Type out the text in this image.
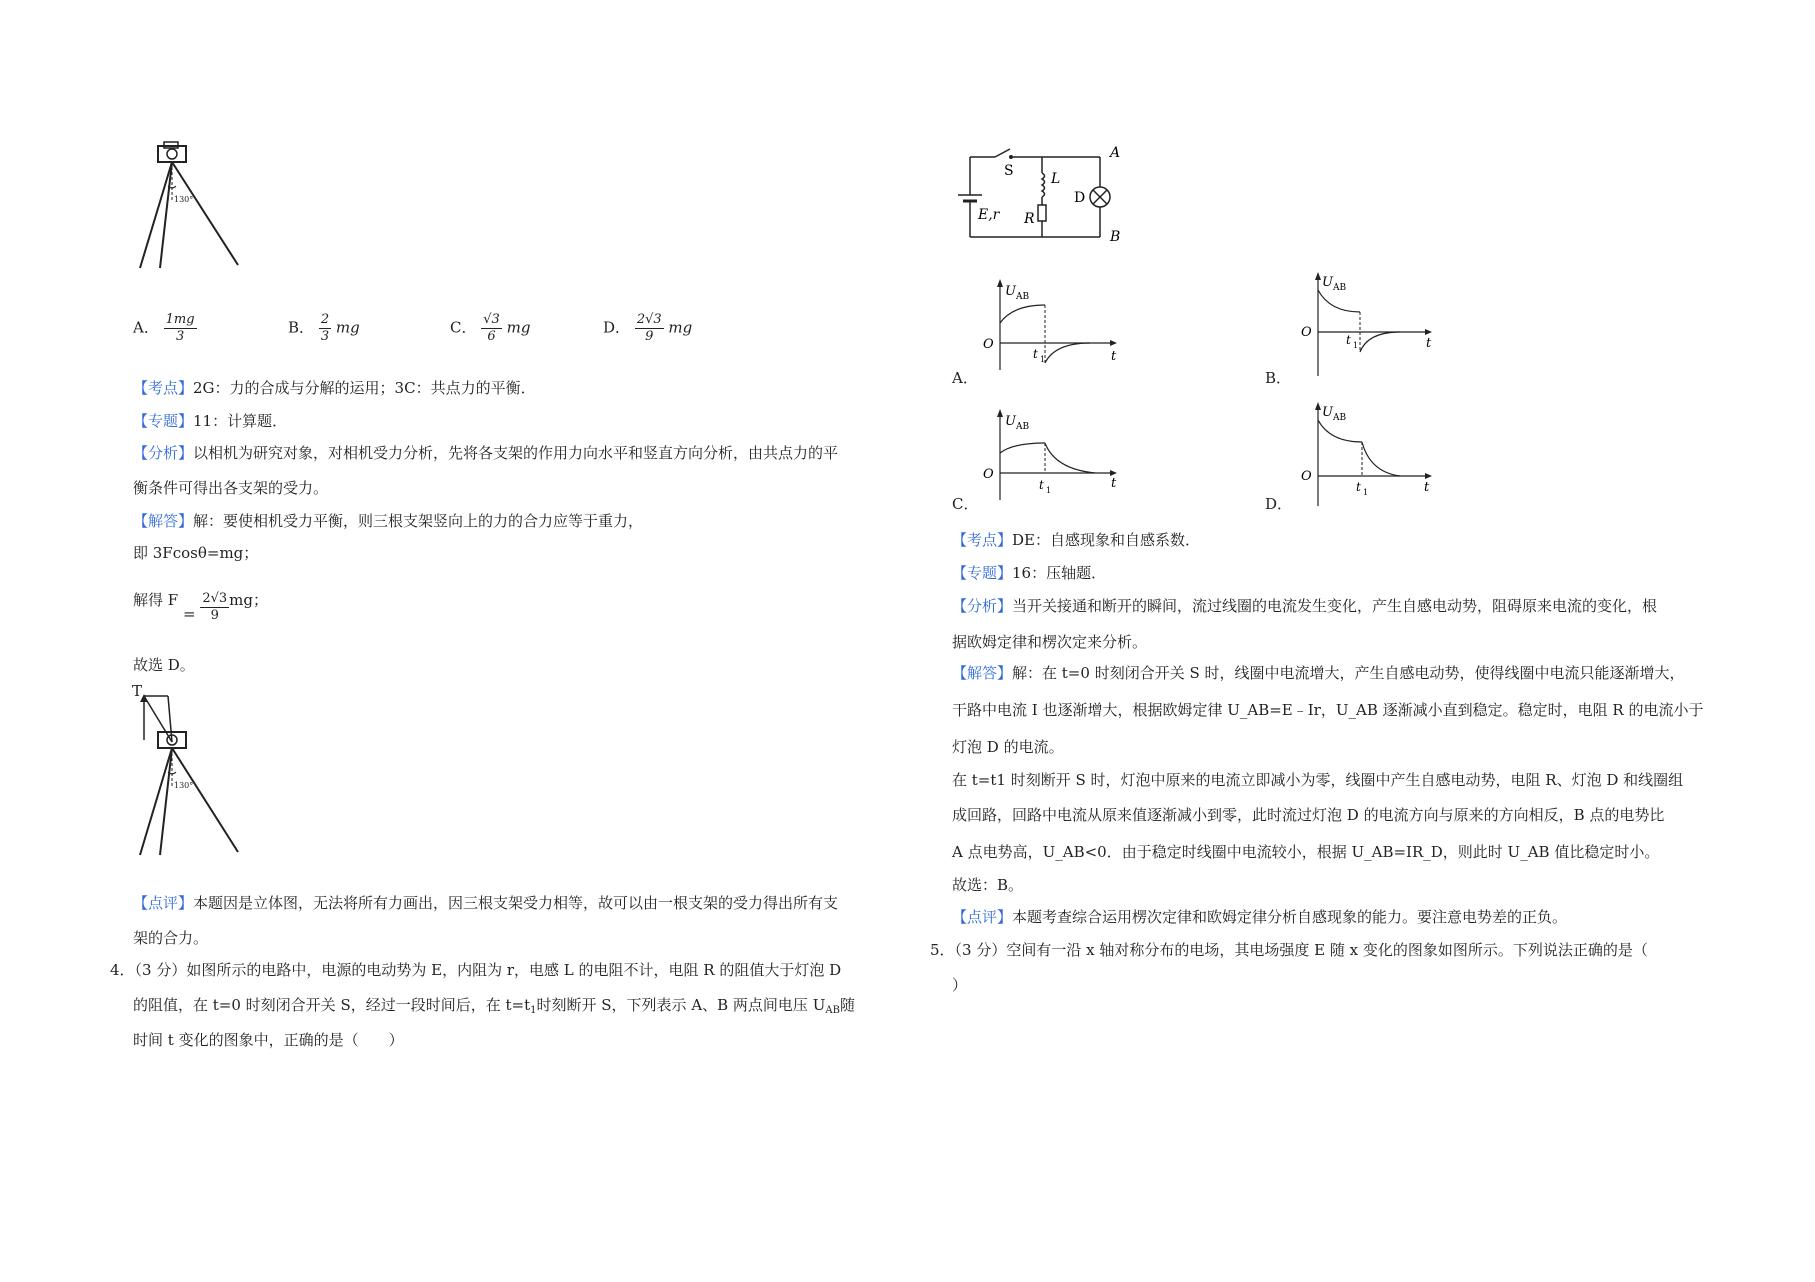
130°
A． $\frac{1mg}{3}$	B． $\frac{2}{3}$ mg	C． $\frac{√3}{6}$ mg	D． $\frac{2√3}{9}$ mg
【考点】2G：力的合成与分解的运用；3C：共点力的平衡．
【专题】11：计算题．
【分析】以相机为研究对象，对相机受力分析，先将各支架的作用力向水平和竖直方向分析，由共点力的平
衡条件可得出各支架的受力。
【解答】解：要使相机受力平衡，则三根支架竖向上的力的合力应等于重力，
即 3Fcosθ=mg；
解得 $F = \frac{2√3}{9}$ mg；
故选 D。
T
130°
【点评】本题因是立体图，无法将所有力画出，因三根支架受力相等，故可以由一根支架的受力得出所有支
架的合力。
4．（3 分）如图所示的电路中，电源的电动势为 E，内阻为 r，电感 L 的电阻不计，电阻 R 的阻值大于灯泡 D
的阻值，在 t=0 时刻闭合开关 S，经过一段时间后，在 $t=t_1$时刻断开 S，下列表示 A、B 两点间电压 $U_{AB}$随
时间 t 变化的图象中，正确的是（　　）
S	L
R
D
E,r
A
B
U AB
O
t
t 1
A．
U AB
O
t
t 1
B．
U AB
O
t
t 1
C．
U AB
O
t
t 1
D．
【考点】DE：自感现象和自感系数．
【专题】16：压轴题．
【分析】当开关接通和断开的瞬间，流过线圈的电流发生变化，产生自感电动势，阻碍原来电流的变化，根
据欧姆定律和楞次定来分析。
【解答】解：在 t=0 时刻闭合开关 S 时，线圈中电流增大，产生自感电动势，使得线圈中电流只能逐渐增大，
干路中电流 I 也逐渐增大，根据欧姆定律 U_AB=E﹣Ir，U_AB 逐渐减小直到稳定。稳定时，电阻 R 的电流小于
灯泡 D 的电流。
在 t=t1 时刻断开 S 时，灯泡中原来的电流立即减小为零，线圈中产生自感电动势，电阻 R、灯泡 D 和线圈组
成回路，回路中电流从原来值逐渐减小到零，此时流过灯泡 D 的电流方向与原来的方向相反，B 点的电势比
A 点电势高，U_AB<0．由于稳定时线圈中电流较小，根据 U_AB=IR_D，则此时 U_AB 值比稳定时小。
故选：B。
【点评】本题考查综合运用楞次定律和欧姆定律分析自感现象的能力。要注意电势差的正负。
5．（3 分）空间有一沿 x 轴对称分布的电场，其电场强度 E 随 x 变化的图象如图所示。下列说法正确的是（
）
